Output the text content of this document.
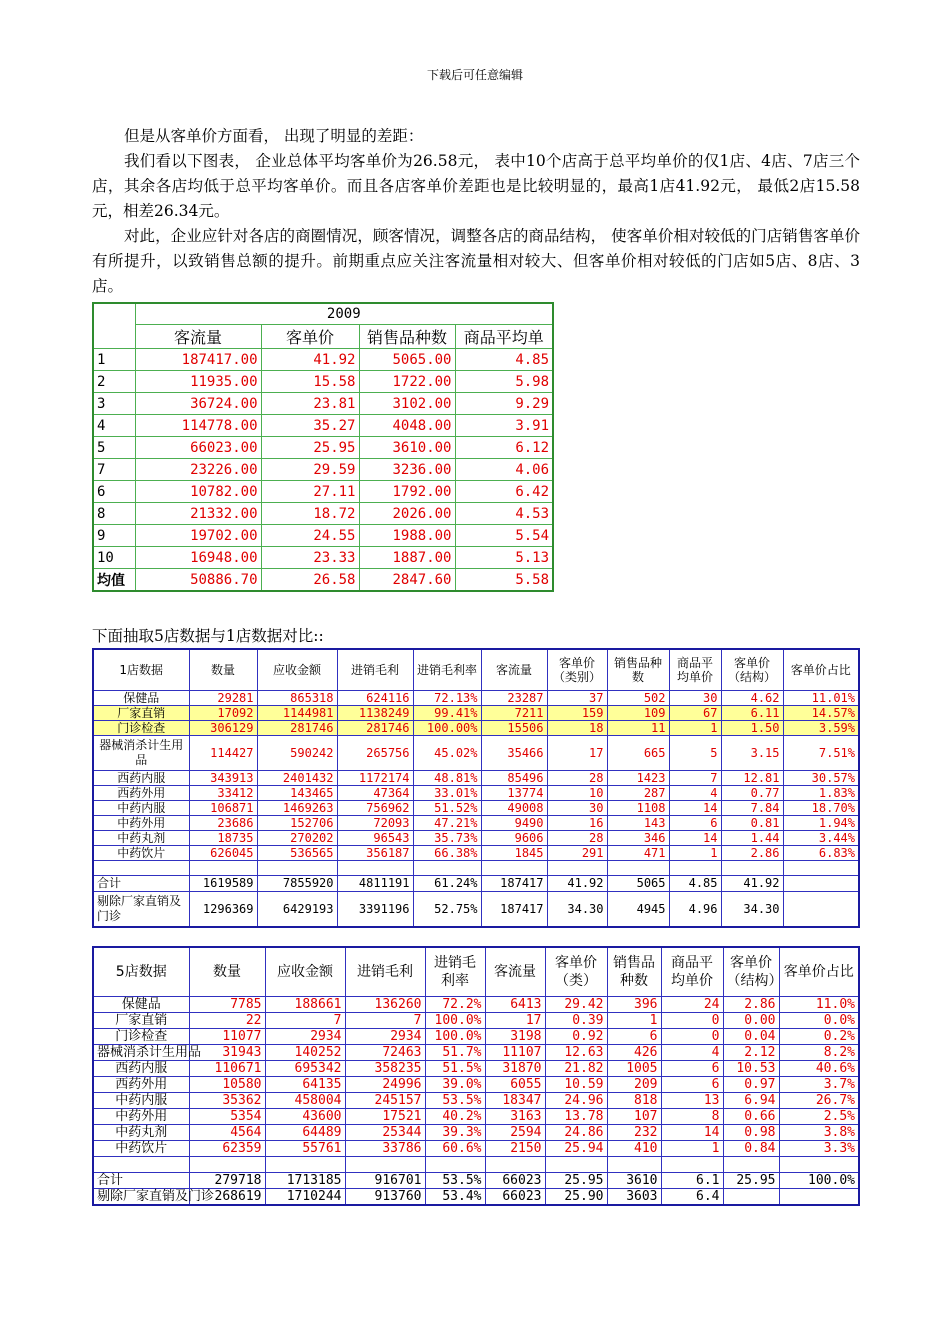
下载后可任意编辑

但是从客单价方面看， 出现了明显的差距：

我们看以下图表， 企业总体平均客单价为26.58元， 表中10个店高于总平均单价的仅1店、4店、7店三个店，其余各店均低于总平均客单价。而且各店客单价差距也是比较明显的，最高1店41.92元， 最低2店15.58元，相差26.34元。

对此，企业应针对各店的商圈情况，顾客情况，调整各店的商品结构， 使客单价相对较低的门店销售客单价有所提升，以致销售总额的提升。前期重点应关注客流量相对较大、但客单价相对较低的门店如5店、8店、3店。

	2009			
	客流量	客单价	销售品种数	商品平均单
1	187417.00	41.92	5065.00	4.85
2	11935.00	15.58	1722.00	5.98
3	36724.00	23.81	3102.00	9.29
4	114778.00	35.27	4048.00	3.91
5	66023.00	25.95	3610.00	6.12
7	23226.00	29.59	3236.00	4.06
6	10782.00	27.11	1792.00	6.42
8	21332.00	18.72	2026.00	4.53
9	19702.00	24.55	1988.00	5.54
10	16948.00	23.33	1887.00	5.13
均值	50886.70	26.58	2847.60	5.58
下面抽取5店数据与1店数据对比::
1店数据	数量	应收金额	进销毛利	进销毛利率	客流量	客单价（类别）	销售品种数	商品平均单价	客单价（结构）	客单价占比
保健品	29281	865318	624116	72.13%	23287	37	502	30	4.62	11.01%
厂家直销	17092	1144981	1138249	99.41%	7211	159	109	67	6.11	14.57%
门诊检查	306129	281746	281746	100.00%	15506	18	11	1	1.50	3.59%
器械消杀计生用品	114427	590242	265756	45.02%	35466	17	665	5	3.15	7.51%
西药内服	343913	2401432	1172174	48.81%	85496	28	1423	7	12.81	30.57%
西药外用	33412	143465	47364	33.01%	13774	10	287	4	0.77	1.83%
中药内服	106871	1469263	756962	51.52%	49008	30	1108	14	7.84	18.70%
中药外用	23686	152706	72093	47.21%	9490	16	143	6	0.81	1.94%
中药丸剂	18735	270202	96543	35.73%	9606	28	346	14	1.44	3.44%
中药饮片	626045	536565	356187	66.38%	1845	291	471	1	2.86	6.83%

合计	1619589	7855920	4811191	61.24%	187417	41.92	5065	4.85	41.92	
剔除厂家直销及门诊	1296369	6429193	3391196	52.75%	187417	34.30	4945	4.96	34.30	
5店数据	数量	应收金额	进销毛利	进销毛利率	客流量	客单价（类）	销售品种数	商品平均单价	客单价（结构）	客单价占比
保健品	7785	188661	136260	72.2%	6413	29.42	396	24	2.86	11.0%
厂家直销	22	7	7	100.0%	17	0.39	1	0	0.00	0.0%
门诊检查	11077	2934	2934	100.0%	3198	0.92	6	0	0.04	0.2%
器械消杀计生用品	31943	140252	72463	51.7%	11107	12.63	426	4	2.12	8.2%
西药内服	110671	695342	358235	51.5%	31870	21.82	1005	6	10.53	40.6%
西药外用	10580	64135	24996	39.0%	6055	10.59	209	6	0.97	3.7%
中药内服	35362	458004	245157	53.5%	18347	24.96	818	13	6.94	26.7%
中药外用	5354	43600	17521	40.2%	3163	13.78	107	8	0.66	2.5%
中药丸剂	4564	64489	25344	39.3%	2594	24.86	232	14	0.98	3.8%
中药饮片	62359	55761	33786	60.6%	2150	25.94	410	1	0.84	3.3%

合计	279718	1713185	916701	53.5%	66023	25.95	3610	6.1	25.95	100.0%
剔除厂家直销及门诊	268619	1710244	913760	53.4%	66023	25.90	3603	6.4		
